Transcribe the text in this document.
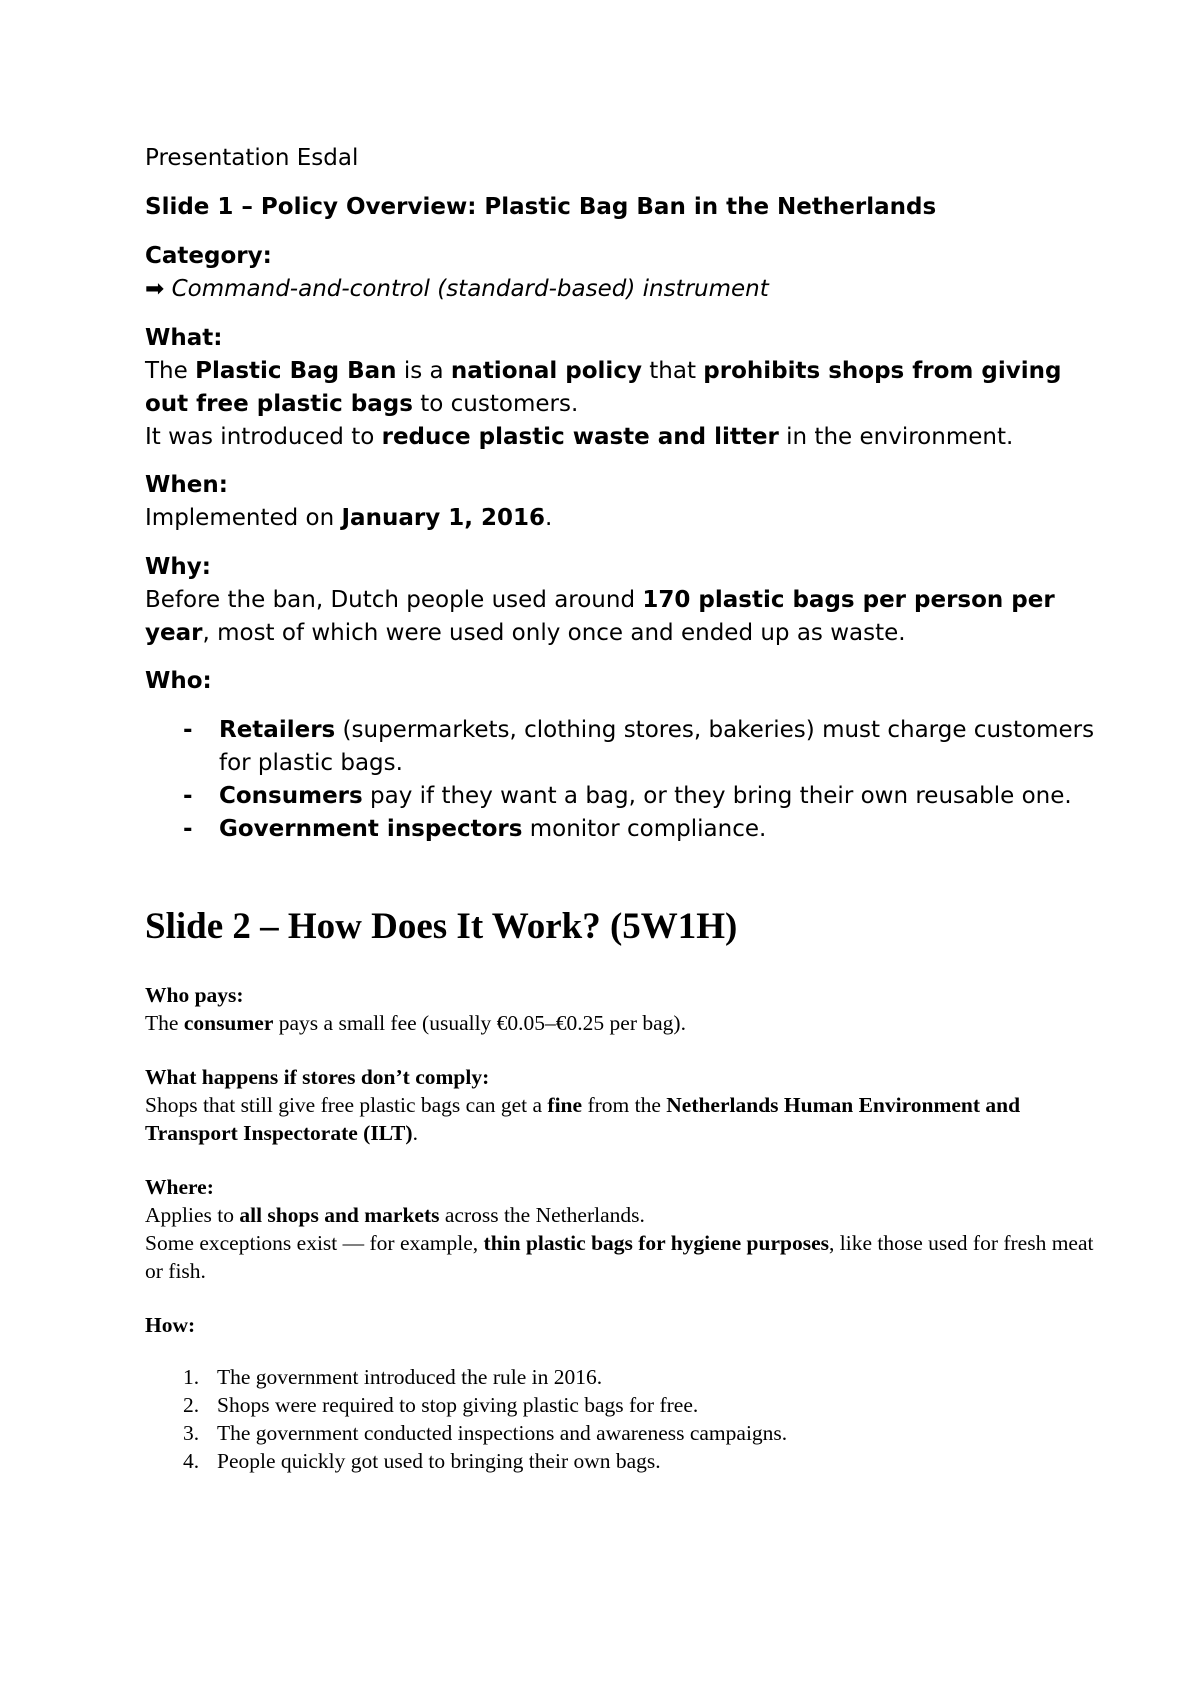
Presentation Esdal

Slide 1 – Policy Overview: Plastic Bag Ban in the Netherlands

Category:

➡ Command-and-control (standard-based) instrument

What:

The Plastic Bag Ban is a national policy that prohibits shops from giving out free plastic bags to customers.

It was introduced to reduce plastic waste and litter in the environment.

When:

Implemented on January 1, 2016.

Why:

Before the ban, Dutch people used around 170 plastic bags per person per year, most of which were used only once and ended up as waste.

Who:

- Retailers (supermarkets, clothing stores, bakeries) must charge customers for plastic bags.
- Consumers pay if they want a bag, or they bring their own reusable one.
- Government inspectors monitor compliance.

Slide 2 – How Does It Work? (5W1H)

Who pays:

The consumer pays a small fee (usually €0.05–€0.25 per bag).

What happens if stores don’t comply:

Shops that still give free plastic bags can get a fine from the Netherlands Human Environment and Transport Inspectorate (ILT).

Where:

Applies to all shops and markets across the Netherlands.

Some exceptions exist — for example, thin plastic bags for hygiene purposes, like those used for fresh meat or fish.

How:

1. The government introduced the rule in 2016.
2. Shops were required to stop giving plastic bags for free.
3. The government conducted inspections and awareness campaigns.
4. People quickly got used to bringing their own bags.
